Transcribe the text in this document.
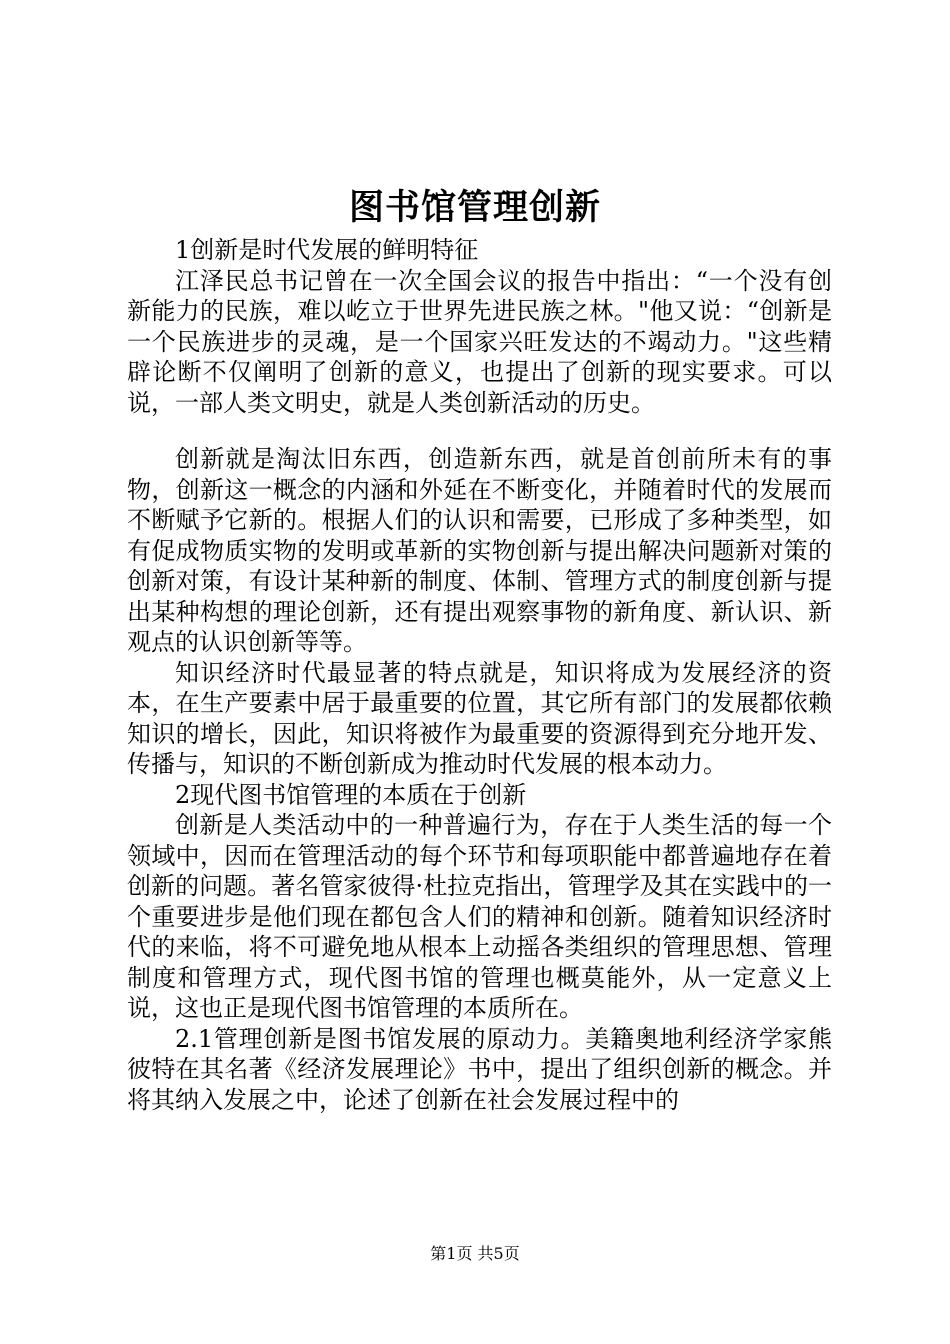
图书馆管理创新

1创新是时代发展的鲜明特征

江泽民总书记曾在一次全国会议的报告中指出：“一个没有创新能力的民族，难以屹立于世界先进民族之林。"他又说：“创新是一个民族进步的灵魂，是一个国家兴旺发达的不竭动力。"这些精辟论断不仅阐明了创新的意义，也提出了创新的现实要求。可以说，一部人类文明史，就是人类创新活动的历史。

创新就是淘汰旧东西，创造新东西，就是首创前所未有的事物，创新这一概念的内涵和外延在不断变化，并随着时代的发展而不断赋予它新的。根据人们的认识和需要，已形成了多种类型，如有促成物质实物的发明或革新的实物创新与提出解决问题新对策的创新对策，有设计某种新的制度、体制、管理方式的制度创新与提出某种构想的理论创新，还有提出观察事物的新角度、新认识、新观点的认识创新等等。

知识经济时代最显著的特点就是，知识将成为发展经济的资本，在生产要素中居于最重要的位置，其它所有部门的发展都依赖知识的增长，因此，知识将被作为最重要的资源得到充分地开发、传播与，知识的不断创新成为推动时代发展的根本动力。

2现代图书馆管理的本质在于创新

创新是人类活动中的一种普遍行为，存在于人类生活的每一个领域中，因而在管理活动的每个环节和每项职能中都普遍地存在着创新的问题。著名管家彼得·杜拉克指出，管理学及其在实践中的一个重要进步是他们现在都包含人们的精神和创新。随着知识经济时代的来临，将不可避免地从根本上动摇各类组织的管理思想、管理制度和管理方式，现代图书馆的管理也概莫能外，从一定意义上说，这也正是现代图书馆管理的本质所在。

2.1管理创新是图书馆发展的原动力。美籍奥地利经济学家熊彼特在其名著《经济发展理论》书中，提出了组织创新的概念。并将其纳入发展之中，论述了创新在社会发展过程中的

第1页 共5页
